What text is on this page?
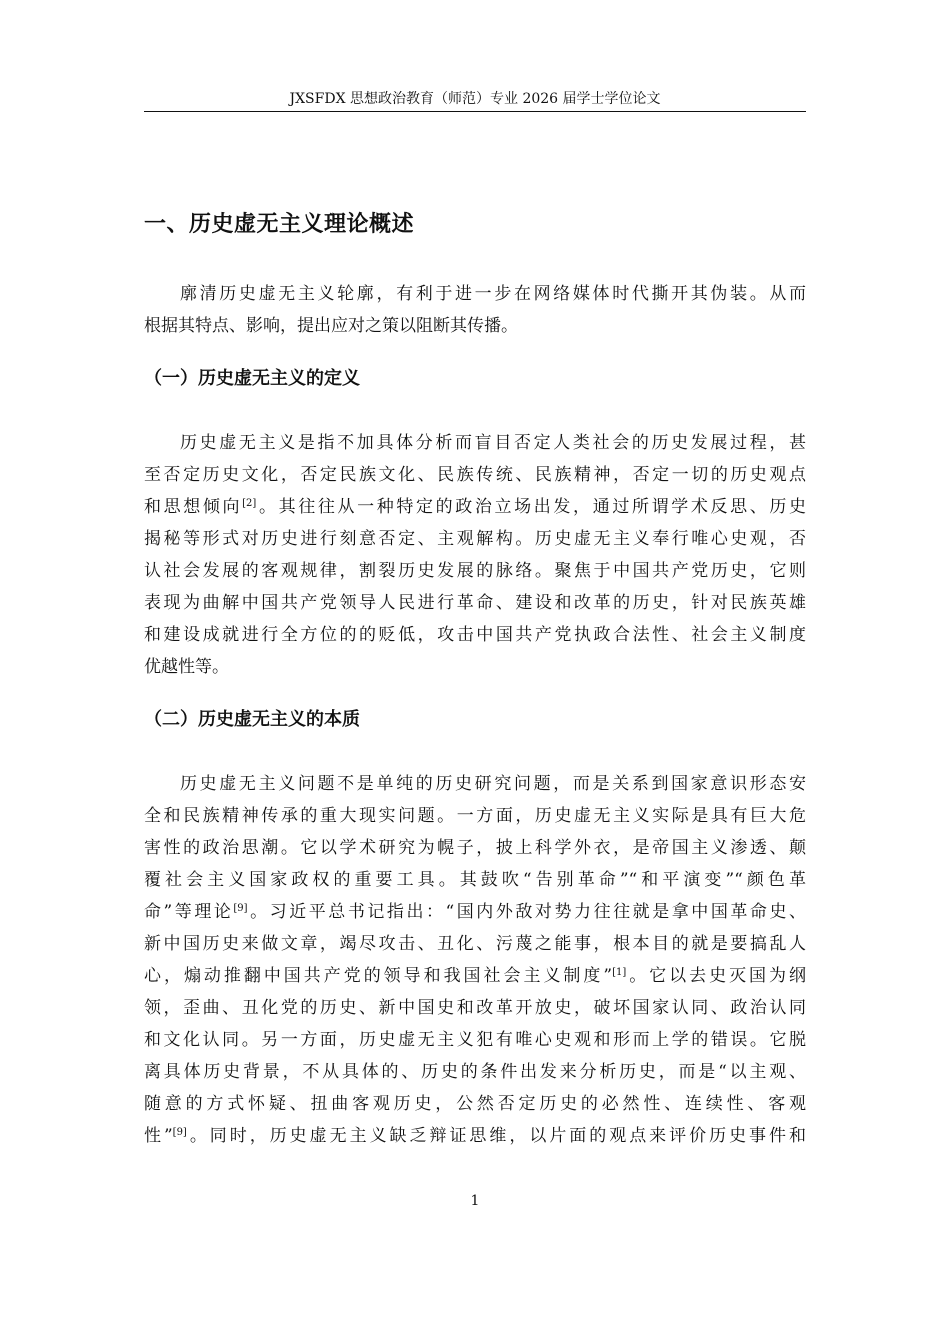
JXSFDX 思想政治教育（师范）专业 2026 届学士学位论文
一、历史虚无主义理论概述
廓清历史虚无主义轮廓，有利于进一步在网络媒体时代撕开其伪装。从而
根据其特点、影响，提出应对之策以阻断其传播。
（一）历史虚无主义的定义
历史虚无主义是指不加具体分析而盲目否定人类社会的历史发展过程，甚
至否定历史文化，否定民族文化、民族传统、民族精神，否定一切的历史观点
和思想倾向[2]。其往往从一种特定的政治立场出发，通过所谓学术反思、历史
揭秘等形式对历史进行刻意否定、主观解构。历史虚无主义奉行唯心史观，否
认社会发展的客观规律，割裂历史发展的脉络。聚焦于中国共产党历史，它则
表现为曲解中国共产党领导人民进行革命、建设和改革的历史，针对民族英雄
和建设成就进行全方位的的贬低，攻击中国共产党执政合法性、社会主义制度
优越性等。
（二）历史虚无主义的本质
历史虚无主义问题不是单纯的历史研究问题，而是关系到国家意识形态安
全和民族精神传承的重大现实问题。一方面，历史虚无主义实际是具有巨大危
害性的政治思潮。它以学术研究为幌子，披上科学外衣，是帝国主义渗透、颠
覆社会主义国家政权的重要工具。其鼓吹“告别革命”“和平演变”“颜色革
命”等理论[9]。习近平总书记指出：“国内外敌对势力往往就是拿中国革命史、
新中国历史来做文章，竭尽攻击、丑化、污蔑之能事，根本目的就是要搞乱人
心，煽动推翻中国共产党的领导和我国社会主义制度”[1]。它以去史灭国为纲
领，歪曲、丑化党的历史、新中国史和改革开放史，破坏国家认同、政治认同
和文化认同。另一方面，历史虚无主义犯有唯心史观和形而上学的错误。它脱
离具体历史背景，不从具体的、历史的条件出发来分析历史，而是“以主观、
随意的方式怀疑、扭曲客观历史，公然否定历史的必然性、连续性、客观
性”[9]。同时，历史虚无主义缺乏辩证思维，以片面的观点来评价历史事件和
1
